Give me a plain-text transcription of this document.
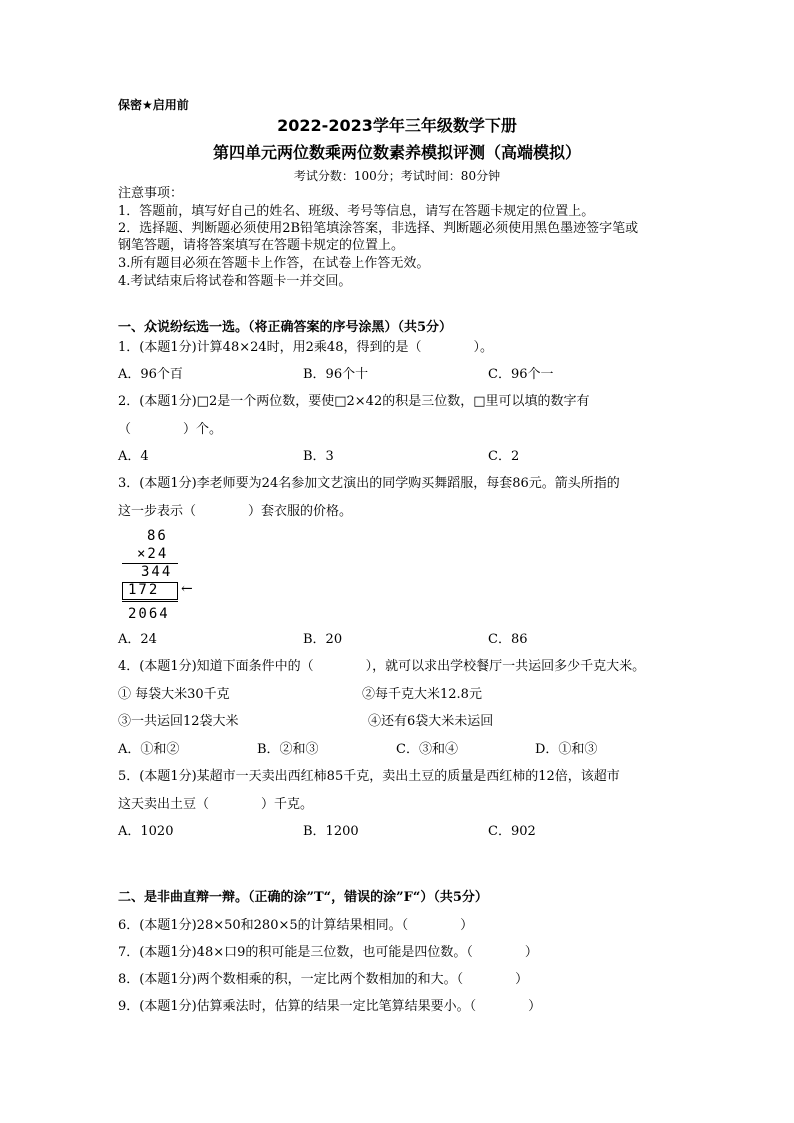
保密★启用前
2022-2023学年三年级数学下册
第四单元两位数乘两位数素养模拟评测（高端模拟）
考试分数：100分；考试时间：80分钟
注意事项：
1．答题前，填写好自己的姓名、班级、考号等信息，请写在答题卡规定的位置上。
2．选择题、判断题必须使用2B铅笔填涂答案，非选择、判断题必须使用黑色墨迹签字笔或
钢笔答题，请将答案填写在答题卡规定的位置上。
3.所有题目必须在答题卡上作答，在试卷上作答无效。
4.考试结束后将试卷和答题卡一并交回。
一、众说纷纭选一选。（将正确答案的序号涂黑）（共5分）
1．(本题1分)计算48×24时，用2乘48，得到的是（　　　　）。
A．96个百	B．96个十	C．96个一
2．(本题1分)□2是一个两位数，要使□2×42的积是三位数，□里可以填的数字有
（　　　　）个。
A．4	B．3	C．2
3．(本题1分)李老师要为24名参加文艺演出的同学购买舞蹈服，每套86元。箭头所指的
这一步表示（　　　　）套衣服的价格。
86
×24
344
172 ←
2064
A．24	B．20	C．86
4．(本题1分)知道下面条件中的（　　　　），就可以求出学校餐厅一共运回多少千克大米。
① 每袋大米30千克	②每千克大米12.8元
③一共运回12袋大米	④还有6袋大米未运回
A．①和②	B．②和③	C．③和④	D．①和③
5．(本题1分)某超市一天卖出西红柿85千克，卖出土豆的质量是西红柿的12倍，该超市
这天卖出土豆（　　　　）千克。
A．1020	B．1200	C．902
二、是非曲直辩一辩。（正确的涂”T“，错误的涂”F“）（共5分）
6．(本题1分)28×50和280×5的计算结果相同。（　　　　）
7．(本题1分)48×口9的积可能是三位数，也可能是四位数。（　　　　）
8．(本题1分)两个数相乘的积，一定比两个数相加的和大。（　　　　）
9．(本题1分)估算乘法时，估算的结果一定比笔算结果要小。（　　　　）
